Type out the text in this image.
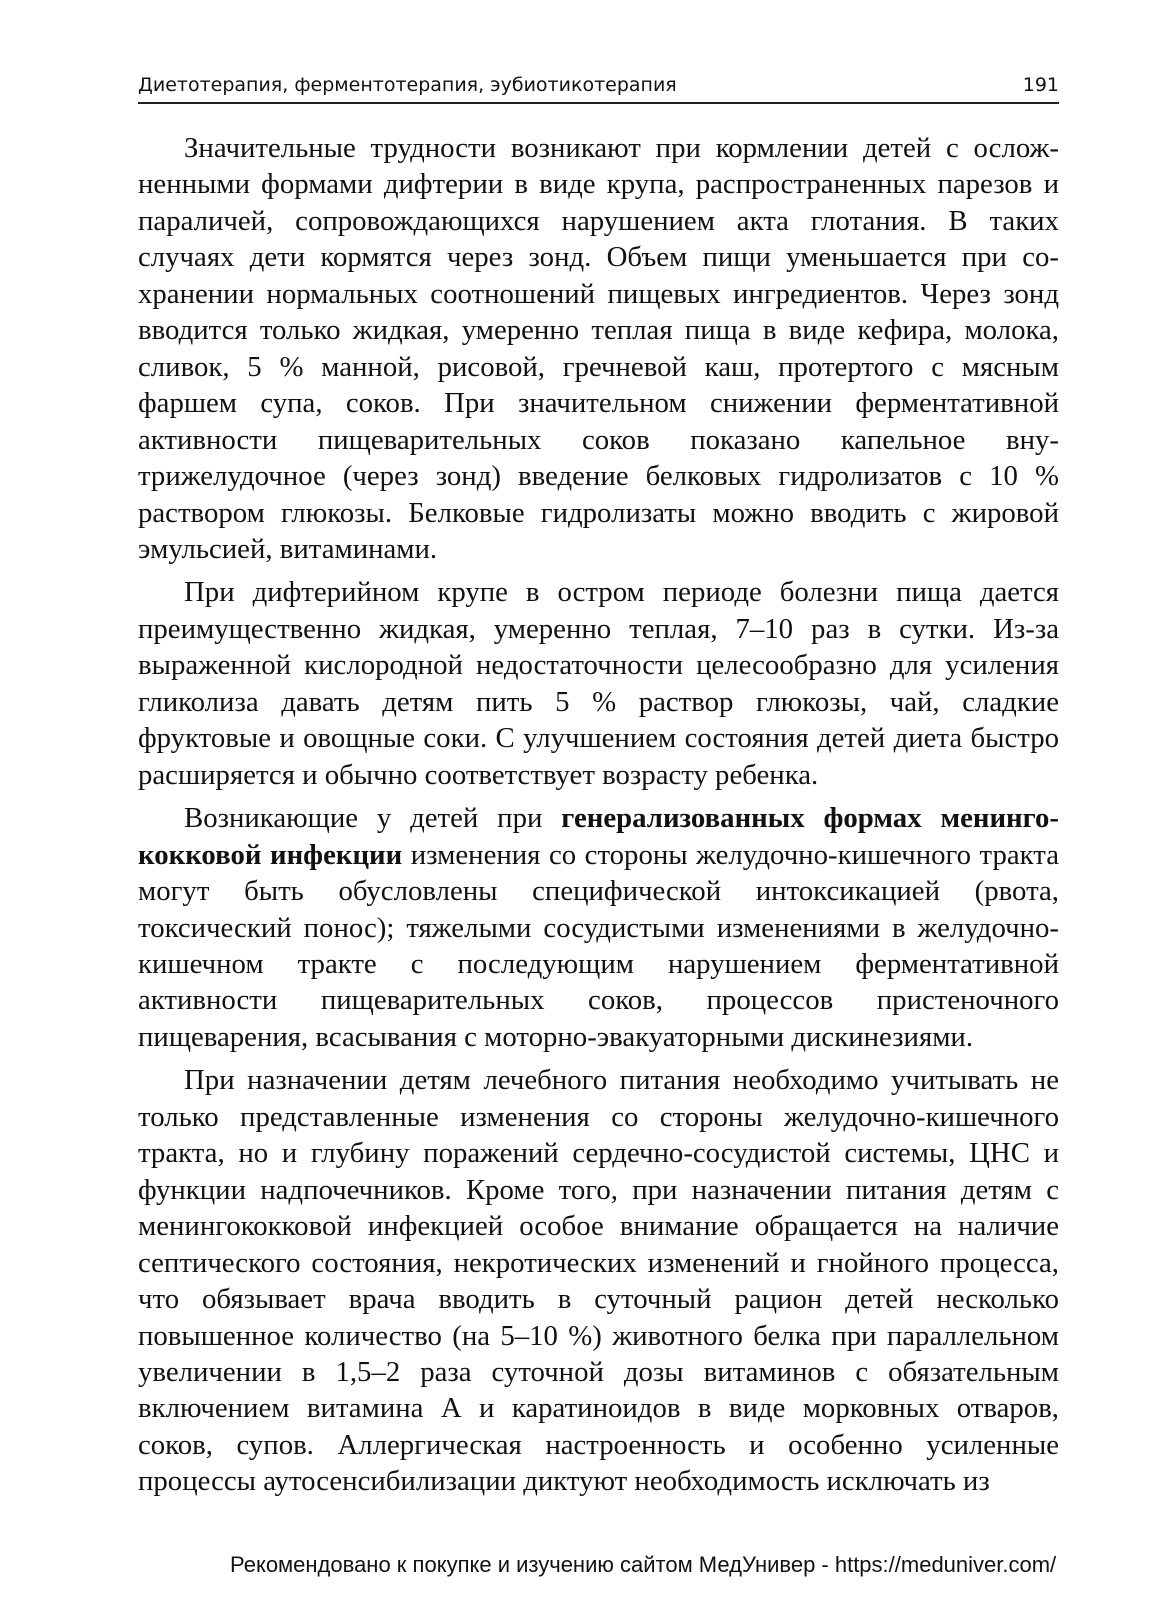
Диетотерапия, ферментотерапия, эубиотикотерапия	191

Значительные трудности возникают при кормлении детей с осложненными формами дифтерии в виде крупа, распространенных парезов и параличей, сопровождающихся нарушением акта глотания. В таких случаях дети кормятся через зонд. Объем пищи уменьшается при сохранении нормальных соотношений пищевых ингредиентов. Через зонд вводится только жидкая, умеренно теплая пища в виде кефира, молока, сливок, 5 % манной, рисовой, гречневой каш, протертого с мясным фаршем супа, соков. При значительном снижении ферментативной активности пищеварительных соков показано капельное внутрижелудочное (через зонд) введение белковых гидролизатов с 10 % раствором глюкозы. Белковые гидролизаты можно вводить с жировой эмульсией, витаминами.

При дифтерийном крупе в остром периоде болезни пища дается преимущественно жидкая, умеренно теплая, 7–10 раз в сутки. Из-за выраженной кислородной недостаточности целесообразно для усиления гликолиза давать детям пить 5 % раствор глюкозы, чай, сладкие фруктовые и овощные соки. С улучшением состояния детей диета быстро расширяется и обычно соответствует возрасту ребенка.

Возникающие у детей при генерализованных формах менингококковой инфекции изменения со стороны желудочно-кишечного тракта могут быть обусловлены специфической интоксикацией (рвота, токсический понос); тяжелыми сосудистыми изменениями в желудочно-кишечном тракте с последующим нарушением ферментативной активности пищеварительных соков, процессов пристеночного пищеварения, всасывания с моторно-эвакуаторными дискинезиями.

При назначении детям лечебного питания необходимо учитывать не только представленные изменения со стороны желудочно-кишечного тракта, но и глубину поражений сердечно-сосудистой системы, ЦНС и функции надпочечников. Кроме того, при назначении питания детям с менингококковой инфекцией особое внимание обращается на наличие септического состояния, некротических изменений и гнойного процесса, что обязывает врача вводить в суточный рацион детей несколько повышенное количество (на 5–10 %) животного белка при параллельном увеличении в 1,5–2 раза суточной дозы витаминов с обязательным включением витамина А и каратиноидов в виде морковных отваров, соков, супов. Аллергическая настроенность и особенно усиленные процессы аутосенсибилизации диктуют необходимость исключать из

Рекомендовано к покупке и изучению сайтом МедУнивер - https://meduniver.com/
